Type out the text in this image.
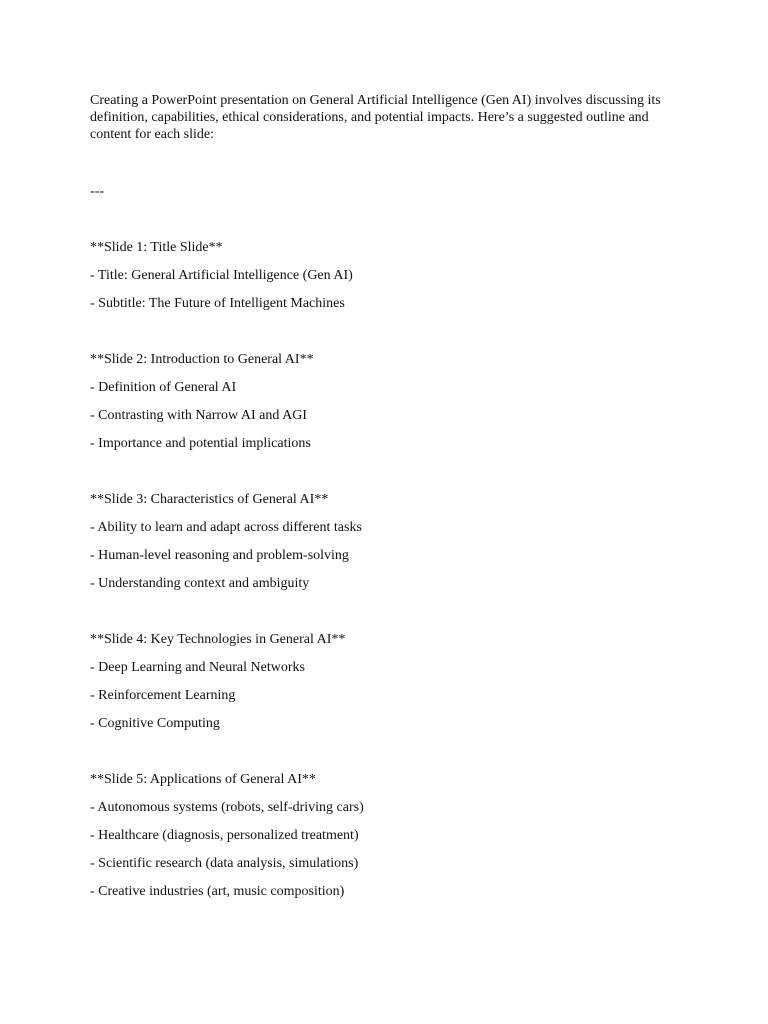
Creating a PowerPoint presentation on General Artificial Intelligence (Gen AI) involves discussing its definition, capabilities, ethical considerations, and potential impacts. Here’s a suggested outline and content for each slide:

---

**Slide 1: Title Slide**
- Title: General Artificial Intelligence (Gen AI)
- Subtitle: The Future of Intelligent Machines
**Slide 2: Introduction to General AI**
- Definition of General AI
- Contrasting with Narrow AI and AGI
- Importance and potential implications
**Slide 3: Characteristics of General AI**
- Ability to learn and adapt across different tasks
- Human-level reasoning and problem-solving
- Understanding context and ambiguity
**Slide 4: Key Technologies in General AI**
- Deep Learning and Neural Networks
- Reinforcement Learning
- Cognitive Computing
**Slide 5: Applications of General AI**
- Autonomous systems (robots, self-driving cars)
- Healthcare (diagnosis, personalized treatment)
- Scientific research (data analysis, simulations)
- Creative industries (art, music composition)
